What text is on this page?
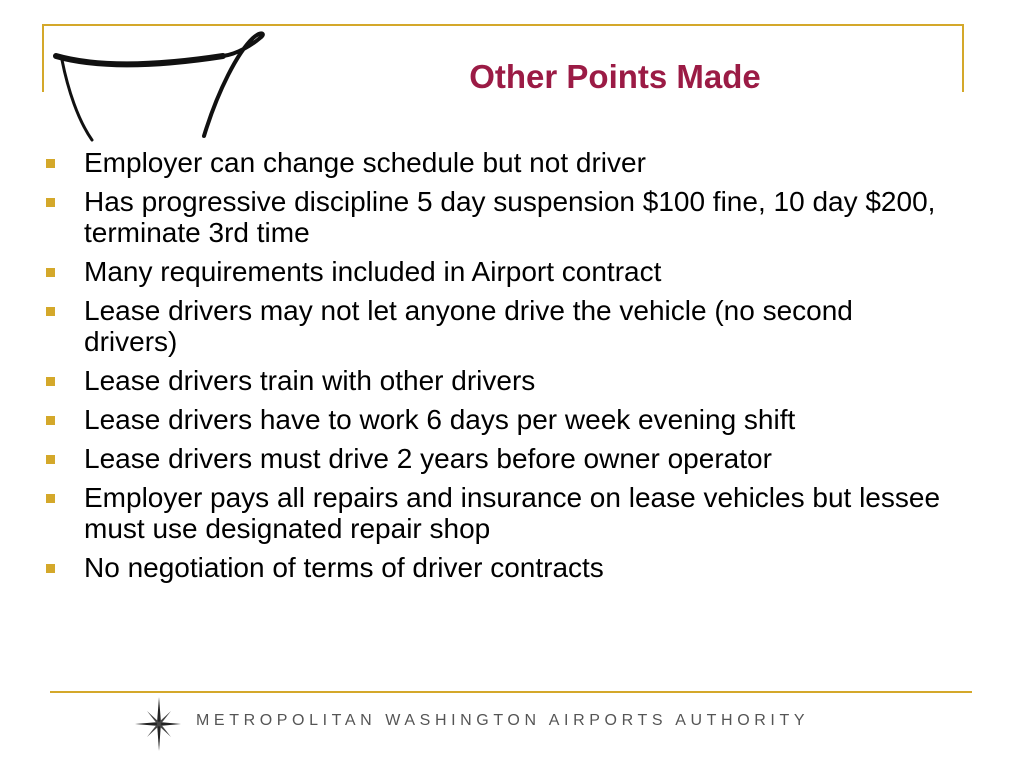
Other Points Made
Employer can change schedule but not driver
Has progressive discipline 5 day suspension $100 fine, 10 day $200, terminate 3rd time
Many requirements included in Airport contract
Lease drivers may not let anyone drive the vehicle (no second drivers)
Lease drivers train with other drivers
Lease drivers have to work 6 days per week evening shift
Lease drivers must drive 2 years before owner operator
Employer pays all repairs and insurance on lease vehicles but lessee must use designated repair shop
No negotiation of terms of driver contracts
METROPOLITAN WASHINGTON AIRPORTS AUTHORITY
